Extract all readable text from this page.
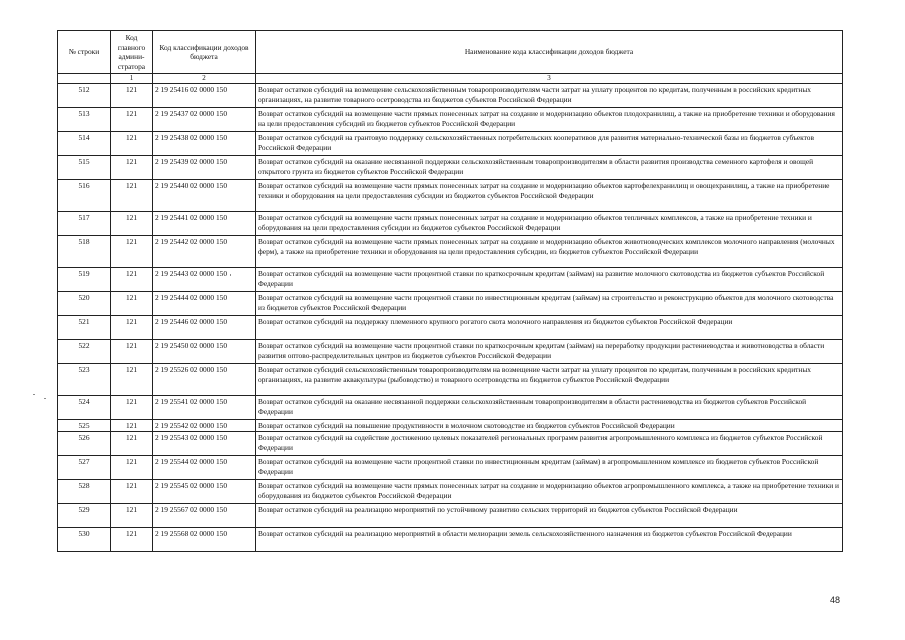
№ строки	Код главного админи-стратора	Код классификации доходов бюджета	Наименование кода классификации доходов бюджета
	1	2	3
512	121	2 19 25416 02 0000 150	Возврат остатков субсидий на возмещение сельскохозяйственным товаропроизводителям части затрат на уплату процентов по кредитам, полученным в российских кредитных организациях, на развитие товарного осетроводства из бюджетов субъектов Российской Федерации
513	121	2 19 25437 02 0000 150	Возврат остатков субсидий на возмещение части прямых понесенных затрат на создание и модернизацию объектов плодохранилищ, а также на приобретение техники и оборудования на цели предоставления субсидий из бюджетов субъектов Российской Федерации
514	121	2 19 25438 02 0000 150	Возврат остатков субсидий на грантовую поддержку сельскохозяйственных потребительских кооперативов для развития материально-технической базы из бюджетов субъектов Российской Федерации
515	121	2 19 25439 02 0000 150	Возврат остатков субсидий на оказание несвязанной поддержки сельскохозяйственным товаропроизводителям в области развития производства семенного картофеля и овощей открытого грунта из бюджетов субъектов Российской Федерации
516	121	2 19 25440 02 0000 150	Возврат остатков субсидий на возмещение части прямых понесенных затрат на создание и модернизацию объектов картофелехранилищ и овощехранилищ, а также на приобретение техники и оборудования на цели предоставления субсидии из бюджетов субъектов Российской Федерации
517	121	2 19 25441 02 0000 150	Возврат остатков субсидий на возмещение части прямых понесенных затрат на создание и модернизацию объектов тепличных комплексов, а также на приобретение техники и оборудования на цели предоставления субсидии из бюджетов субъектов Российской Федерации
518	121	2 19 25442 02 0000 150	Возврат остатков субсидий на возмещение части прямых понесенных затрат на создание и модернизацию объектов животноводческих комплексов молочного направления (молочных ферм), а также на приобретение техники и оборудования на цели предоставления субсидии, из бюджетов субъектов Российской Федерации
519	121	2 19 25443 02 0000 150	Возврат остатков субсидий на возмещение части процентной ставки по краткосрочным кредитам (займам) на развитие молочного скотоводства из бюджетов субъектов Российской Федерации
520	121	2 19 25444 02 0000 150	Возврат остатков субсидий на возмещение части процентной ставки по инвестиционным кредитам (займам) на строительство и реконструкцию объектов для молочного скотоводства из бюджетов субъектов Российской Федерации
521	121	2 19 25446 02 0000 150	Возврат остатков субсидий на поддержку племенного крупного рогатого скота молочного направления из бюджетов субъектов Российской Федерации
522	121	2 19 25450 02 0000 150	Возврат остатков субсидий на возмещение части процентной ставки по краткосрочным кредитам (займам) на переработку продукции растениеводства и животноводства в области развития оптово-распределительных центров из бюджетов субъектов Российской Федерации
523	121	2 19 25526 02 0000 150	Возврат остатков субсидий сельскохозяйственным товаропроизводителям на возмещение части затрат на уплату процентов по кредитам, полученным в российских кредитных организациях, на развитие аквакультуры (рыбоводство) и товарного осетроводства из бюджетов субъектов Российской Федерации
524	121	2 19 25541 02 0000 150	Возврат остатков субсидий на оказание несвязанной поддержки сельскохозяйственным товаропроизводителям в области растениеводства из бюджетов субъектов Российской Федерации
525	121	2 19 25542 02 0000 150	Возврат остатков субсидий на повышение продуктивности в молочном скотоводстве из бюджетов субъектов Российской Федерации
526	121	2 19 25543 02 0000 150	Возврат остатков субсидий на содействие достижению целевых показателей региональных программ развития агропромышленного комплекса из бюджетов субъектов Российской Федерации
527	121	2 19 25544 02 0000 150	Возврат остатков субсидий на возмещение части процентной ставки по инвестиционным кредитам (займам) в агропромышленном комплексе из бюджетов субъектов Российской Федерации
528	121	2 19 25545 02 0000 150	Возврат остатков субсидий на возмещение части прямых понесенных затрат на создание и модернизацию объектов агропромышленного комплекса, а также на приобретение техники и оборудования из бюджетов субъектов Российской Федерации
529	121	2 19 25567 02 0000 150	Возврат остатков субсидий на реализацию мероприятий по устойчивому развитию сельских территорий из бюджетов субъектов Российской Федерации
530	121	2 19 25568 02 0000 150	Возврат остатков субсидий на реализацию мероприятий в области мелиорации земель сельскохозяйственного назначения из бюджетов субъектов Российской Федерации
48
